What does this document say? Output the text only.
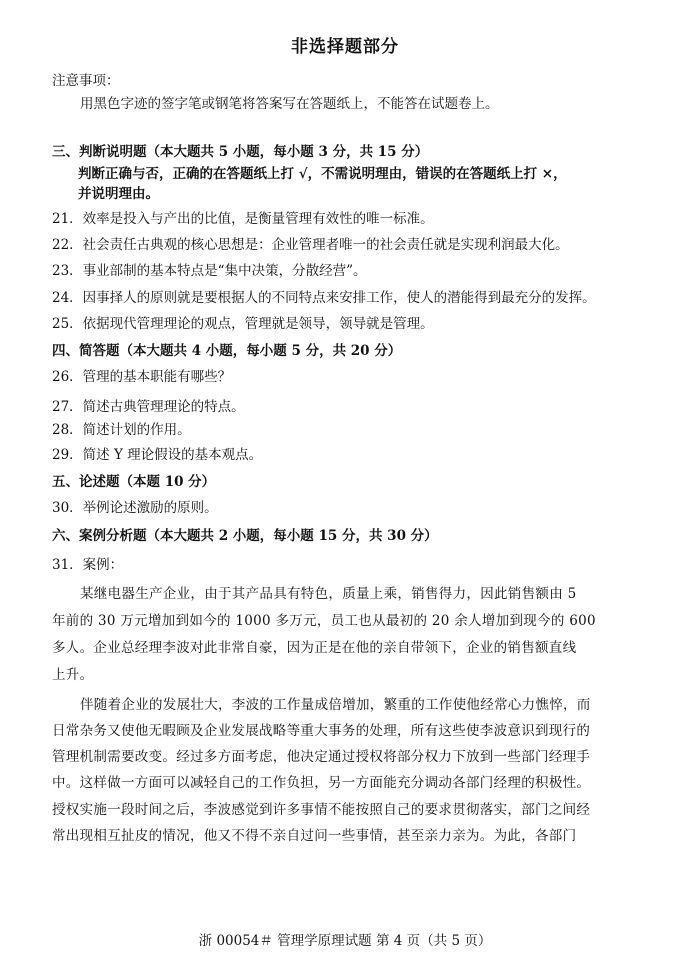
非选择题部分
注意事项：
用黑色字迹的签字笔或钢笔将答案写在答题纸上，不能答在试题卷上。
三、判断说明题（本大题共 5 小题，每小题 3 分，共 15 分）
判断正确与否，正确的在答题纸上打 √，不需说明理由，错误的在答题纸上打 ×，
并说明理由。
21．效率是投入与产出的比值，是衡量管理有效性的唯一标准。
22．社会责任古典观的核心思想是：企业管理者唯一的社会责任就是实现利润最大化。
23．事业部制的基本特点是“集中决策，分散经营”。
24．因事择人的原则就是要根据人的不同特点来安排工作，使人的潜能得到最充分的发挥。
25．依据现代管理理论的观点，管理就是领导，领导就是管理。
四、简答题（本大题共 4 小题，每小题 5 分，共 20 分）
26．管理的基本职能有哪些？
27．简述古典管理理论的特点。
28．简述计划的作用。
29．简述 Y 理论假设的基本观点。
五、论述题（本题 10 分）
30．举例论述激励的原则。
六、案例分析题（本大题共 2 小题，每小题 15 分，共 30 分）
31．案例：
某继电器生产企业，由于其产品具有特色，质量上乘，销售得力，因此销售额由 5
年前的 30 万元增加到如今的 1000 多万元，员工也从最初的 20 余人增加到现今的 600
多人。企业总经理李波对此非常自豪，因为正是在他的亲自带领下，企业的销售额直线
上升。
伴随着企业的发展壮大，李波的工作量成倍增加，繁重的工作使他经常心力憔悴，而
日常杂务又使他无暇顾及企业发展战略等重大事务的处理，所有这些使李波意识到现行的
管理机制需要改变。经过多方面考虑，他决定通过授权将部分权力下放到一些部门经理手
中。这样做一方面可以减轻自己的工作负担，另一方面能充分调动各部门经理的积极性。
授权实施一段时间之后，李波感觉到许多事情不能按照自己的要求贯彻落实，部门之间经
常出现相互扯皮的情况，他又不得不亲自过问一些事情，甚至亲力亲为。为此，各部门
浙 00054＃ 管理学原理试题 第 4 页（共 5 页）
